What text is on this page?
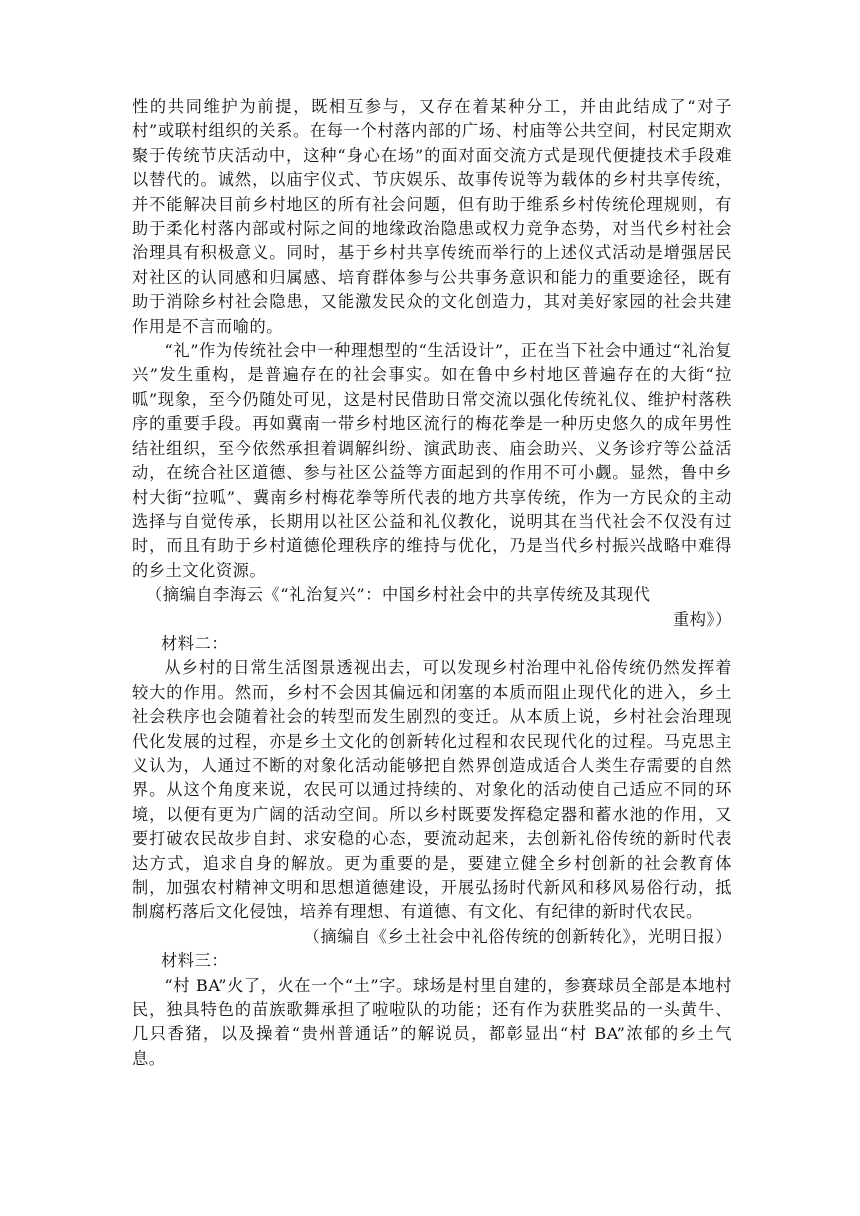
性的共同维护为前提，既相互参与，又存在着某种分工，并由此结成了“对子村”或联村组织的关系。在每一个村落内部的广场、村庙等公共空间，村民定期欢聚于传统节庆活动中，这种“身心在场”的面对面交流方式是现代便捷技术手段难以替代的。诚然，以庙宇仪式、节庆娱乐、故事传说等为载体的乡村共享传统，并不能解决目前乡村地区的所有社会问题，但有助于维系乡村传统伦理规则，有助于柔化村落内部或村际之间的地缘政治隐患或权力竞争态势，对当代乡村社会治理具有积极意义。同时，基于乡村共享传统而举行的上述仪式活动是增强居民对社区的认同感和归属感、培育群体参与公共事务意识和能力的重要途径，既有助于消除乡村社会隐患，又能激发民众的文化创造力，其对美好家园的社会共建作用是不言而喻的。

“礼”作为传统社会中一种理想型的“生活设计”，正在当下社会中通过“礼治复兴”发生重构，是普遍存在的社会事实。如在鲁中乡村地区普遍存在的大街“拉呱”现象，至今仍随处可见，这是村民借助日常交流以强化传统礼仪、维护村落秩序的重要手段。再如冀南一带乡村地区流行的梅花拳是一种历史悠久的成年男性结社组织，至今依然承担着调解纠纷、演武助丧、庙会助兴、义务诊疗等公益活动，在统合社区道德、参与社区公益等方面起到的作用不可小觑。显然，鲁中乡村大街“拉呱”、冀南乡村梅花拳等所代表的地方共享传统，作为一方民众的主动选择与自觉传承，长期用以社区公益和礼仪教化，说明其在当代社会不仅没有过时，而且有助于乡村道德伦理秩序的维持与优化，乃是当代乡村振兴战略中难得的乡土文化资源。

（摘编自李海云《“礼治复兴”：中国乡村社会中的共享传统及其现代
重构》）

材料二：

从乡村的日常生活图景透视出去，可以发现乡村治理中礼俗传统仍然发挥着较大的作用。然而，乡村不会因其偏远和闭塞的本质而阻止现代化的进入，乡土社会秩序也会随着社会的转型而发生剧烈的变迁。从本质上说，乡村社会治理现代化发展的过程，亦是乡土文化的创新转化过程和农民现代化的过程。马克思主义认为，人通过不断的对象化活动能够把自然界创造成适合人类生存需要的自然界。从这个角度来说，农民可以通过持续的、对象化的活动使自己适应不同的环境，以便有更为广阔的活动空间。所以乡村既要发挥稳定器和蓄水池的作用，又要打破农民故步自封、求安稳的心态，要流动起来，去创新礼俗传统的新时代表达方式，追求自身的解放。更为重要的是，要建立健全乡村创新的社会教育体制，加强农村精神文明和思想道德建设，开展弘扬时代新风和移风易俗行动，抵制腐朽落后文化侵蚀，培养有理想、有道德、有文化、有纪律的新时代农民。

（摘编自《乡土社会中礼俗传统的创新转化》，光明日报）

材料三：

“村 BA”火了，火在一个“土”字。球场是村里自建的，参赛球员全部是本地村民，独具特色的苗族歌舞承担了啦啦队的功能；还有作为获胜奖品的一头黄牛、几只香猪，以及操着“贵州普通话”的解说员，都彰显出“村 BA”浓郁的乡土气息。
